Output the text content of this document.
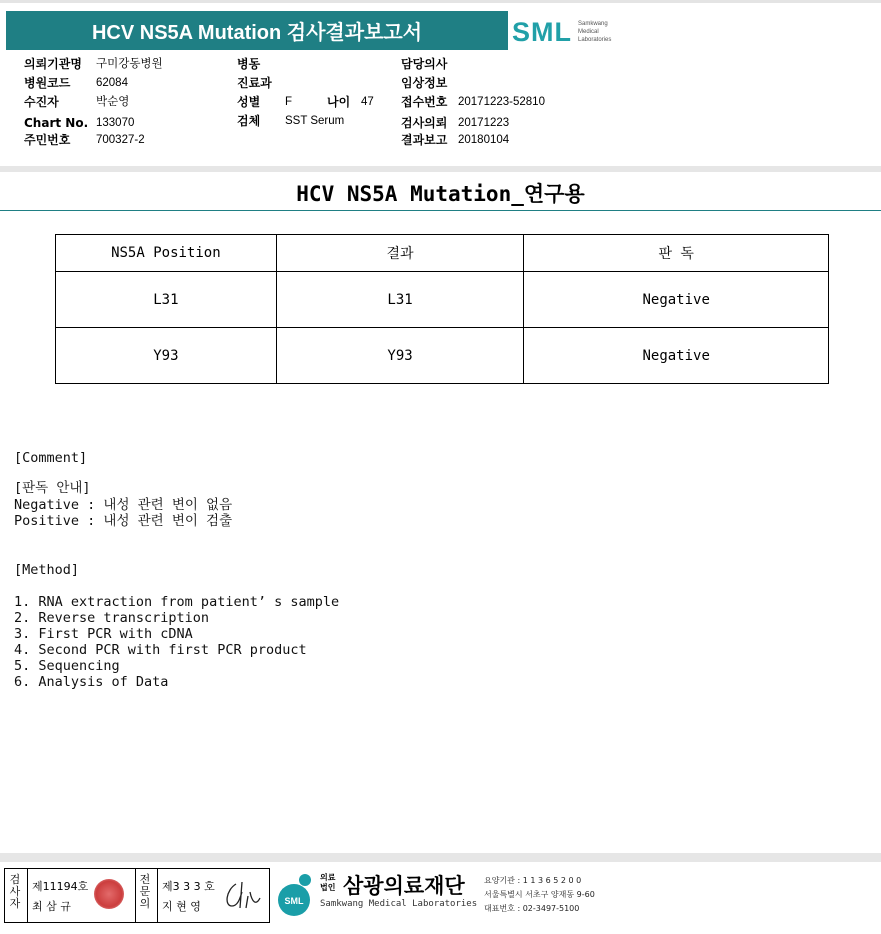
HCV NS5A Mutation 검사결과보고서	SML Samkwang
Medical
Laboratories
의뢰기관명 구미강동병원
병원코드 62084
수진자	박순영
Chart No. 133070
주민번호 700327-2
병동
진료과
성별 F	나이 47
검체 SST Serum
담당의사
임상정보
접수번호 20171223-52810
검사의뢰 20171223
결과보고 20180104
HCV NS5A Mutation_연구용
NS5A Position	결과	판 독
L31	L31	Negative
Y93	Y93	Negative
[Comment]
[판독 안내]
Negative : 내성 관련 변이 없음
Positive : 내성 관련 변이 검출
[Method]
1. RNA extraction from patient’ s sample
2. Reverse transcription
3. First PCR with cDNA
4. Second PCR with first PCR product
5. Sequencing
6. Analysis of Data
검사자
제11194호
최 삼 규
전문의
제3 3 3 호
지 현 영	SML
의료
법인 삼광의료재단
Samkwang Medical Laboratories
요양기관 : 1 1 3 6 5 2 0 0
서울특별시 서초구 양재동 9-60
대표번호 : 02-3497-5100
